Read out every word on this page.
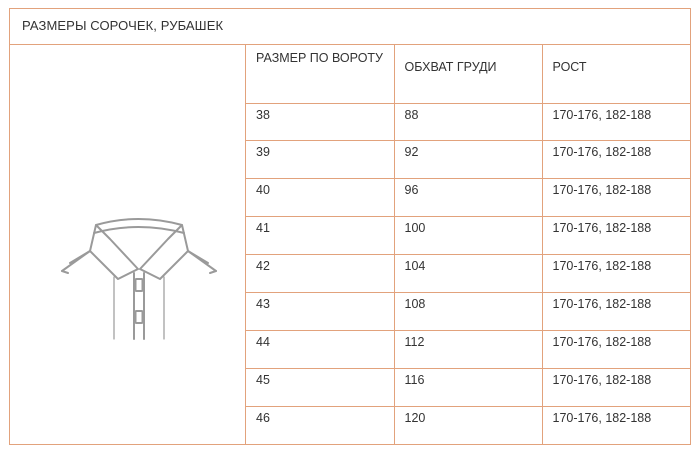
РАЗМЕРЫ СОРОЧЕК, РУБАШЕК
РАЗМЕР ПО ВОРОТУ	ОБХВАТ ГРУДИ	РОСТ
38	88	170-176, 182-188
39	92	170-176, 182-188
40	96	170-176, 182-188
41	100	170-176, 182-188
42	104	170-176, 182-188
43	108	170-176, 182-188
44	112	170-176, 182-188
45	116	170-176, 182-188
46	120	170-176, 182-188
